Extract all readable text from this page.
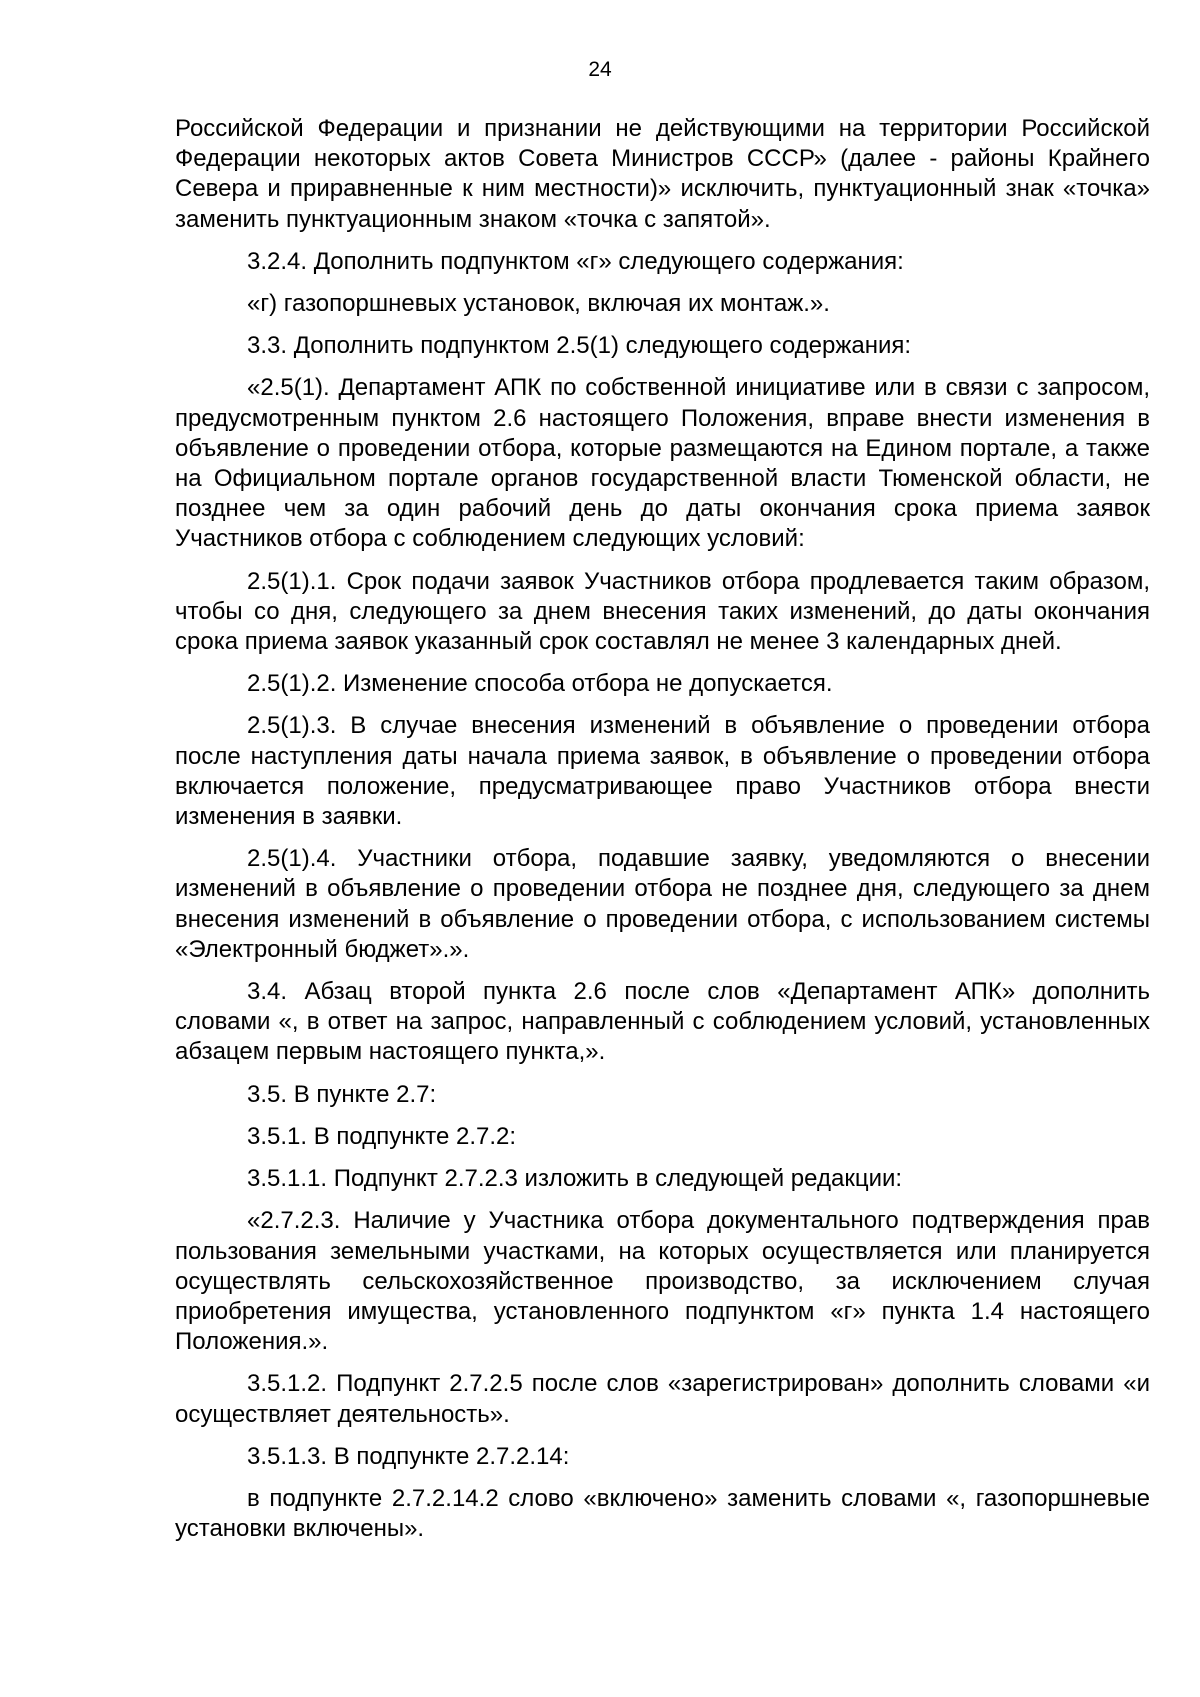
24

Российской Федерации и признании не действующими на территории Российской Федерации некоторых актов Совета Министров СССР» (далее - районы Крайнего Севера и приравненные к ним местности)» исключить, пунктуационный знак «точка» заменить пунктуационным знаком «точка с запятой».

3.2.4. Дополнить подпунктом «г» следующего содержания:

«г) газопоршневых установок, включая их монтаж.».

3.3. Дополнить подпунктом 2.5(1) следующего содержания:

«2.5(1). Департамент АПК по собственной инициативе или в связи с запросом, предусмотренным пунктом 2.6 настоящего Положения, вправе внести изменения в объявление о проведении отбора, которые размещаются на Едином портале, а также на Официальном портале органов государственной власти Тюменской области, не позднее чем за один рабочий день до даты окончания срока приема заявок Участников отбора с соблюдением следующих условий:

2.5(1).1. Срок подачи заявок Участников отбора продлевается таким образом, чтобы со дня, следующего за днем внесения таких изменений, до даты окончания срока приема заявок указанный срок составлял не менее 3 календарных дней.

2.5(1).2. Изменение способа отбора не допускается.

2.5(1).3. В случае внесения изменений в объявление о проведении отбора после наступления даты начала приема заявок, в объявление о проведении отбора включается положение, предусматривающее право Участников отбора внести изменения в заявки.

2.5(1).4. Участники отбора, подавшие заявку, уведомляются о внесении изменений в объявление о проведении отбора не позднее дня, следующего за днем внесения изменений в объявление о проведении отбора, с использованием системы «Электронный бюджет».».

3.4. Абзац второй пункта 2.6 после слов «Департамент АПК» дополнить словами «, в ответ на запрос, направленный с соблюдением условий, установленных абзацем первым настоящего пункта,».

3.5. В пункте 2.7:

3.5.1. В подпункте 2.7.2:

3.5.1.1. Подпункт 2.7.2.3 изложить в следующей редакции:

«2.7.2.3. Наличие у Участника отбора документального подтверждения прав пользования земельными участками, на которых осуществляется или планируется осуществлять сельскохозяйственное производство, за исключением случая приобретения имущества, установленного подпунктом «г» пункта 1.4 настоящего Положения.».

3.5.1.2. Подпункт 2.7.2.5 после слов «зарегистрирован» дополнить словами «и осуществляет деятельность».

3.5.1.3. В подпункте 2.7.2.14:

в подпункте 2.7.2.14.2 слово «включено» заменить словами «, газопоршневые установки включены».
